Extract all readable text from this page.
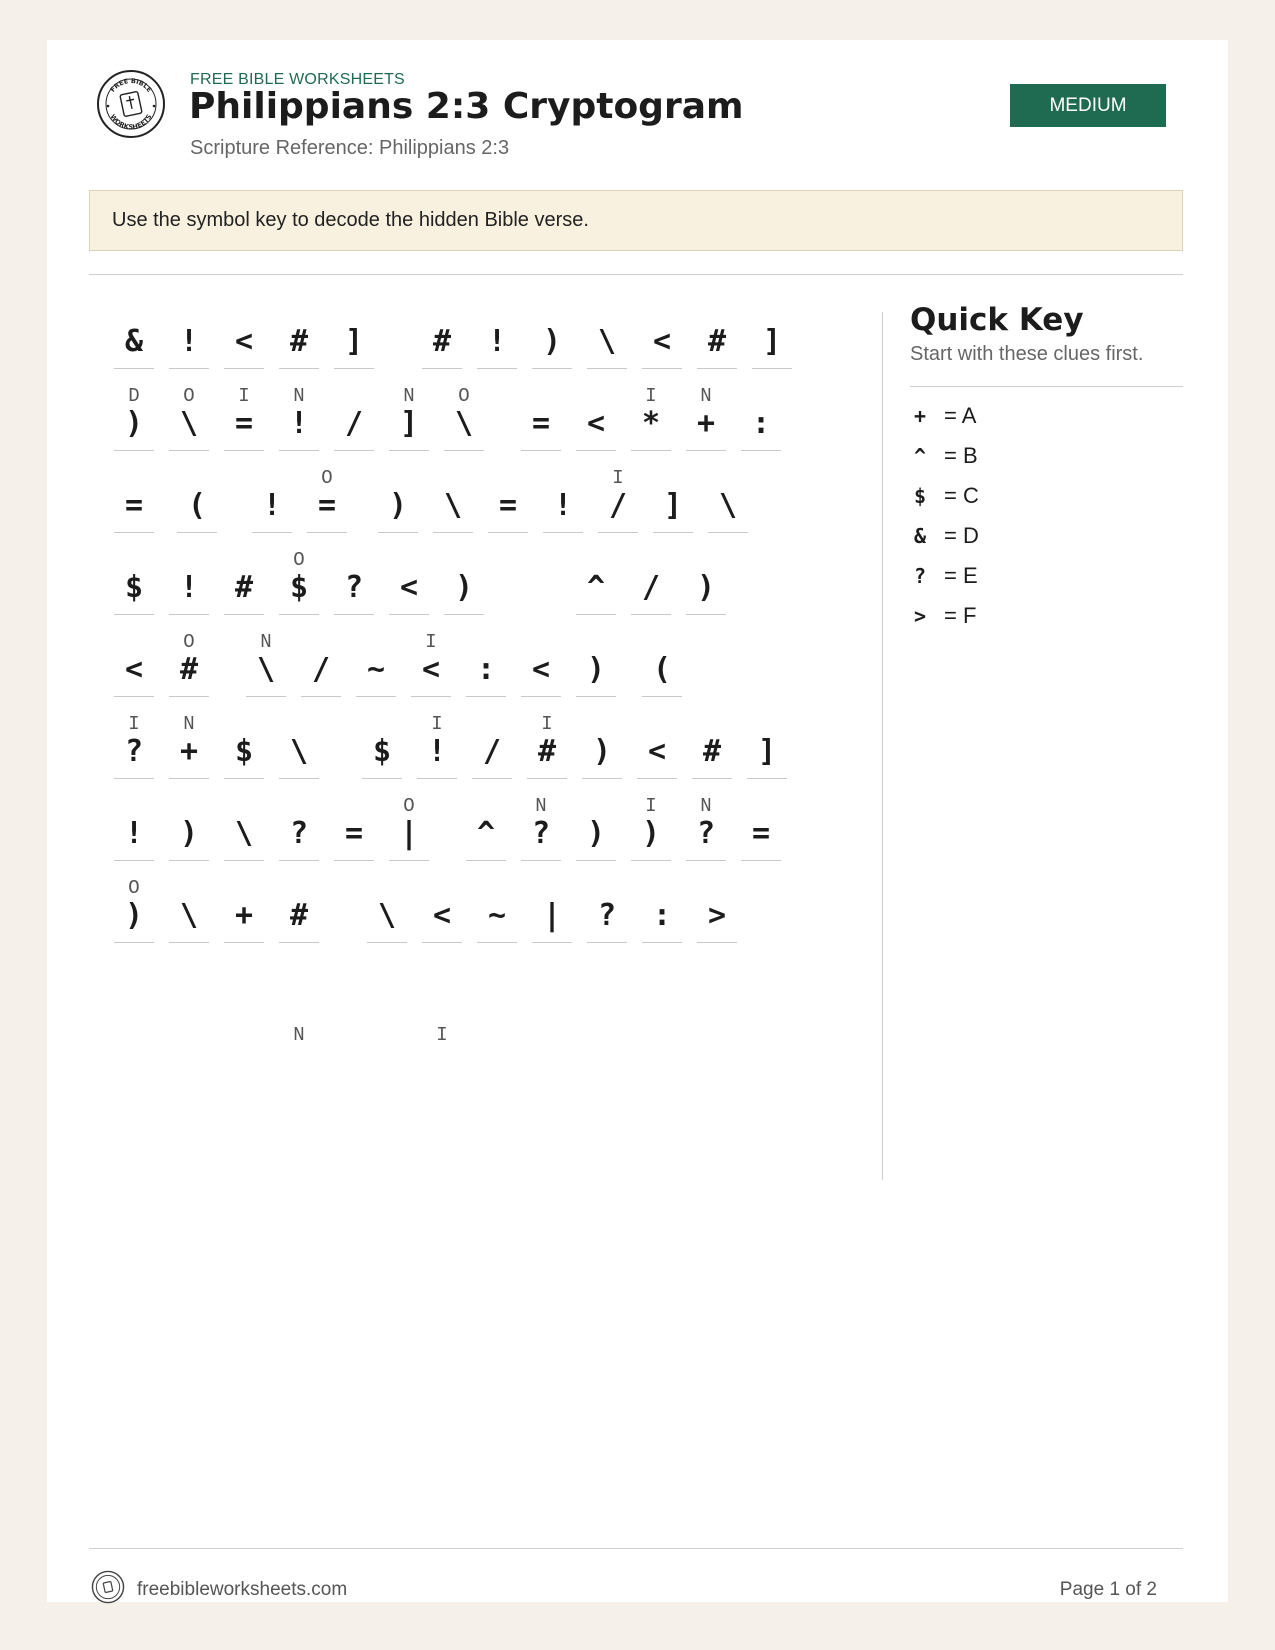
FREE BIBLE
WORKSHEETS
FREE BIBLE WORKSHEETS
Philippians 2:3 Cryptogram
Scripture Reference: Philippians 2:3
MEDIUM
Use the symbol key to decode the hidden Bible verse.
&	!	<	#	]	#	!	)	\	<	#	]
D
)
O
\
I
=
N
!	/
N
]
O
\	=	<
I
*
N
+	:
=	(	!
O
=	)	\	=	!
I
/	]	\
$	!	#
O
$	?	<	)	^	/	)
<
O
#
N
\	/	~
I
<	:	<	)	(
I
?
N
+	$	\	$
I
!	/
I
#	)	<	#	]
!	)	\	?	=
O
|	^
N
?	)
I
)
N
?	=
O
)	\	+	#	\	<	~	|	?	:	>
N	I
Quick Key
Start with these clues first.
+ = A
^ = B
$ = C
& = D
? = E
> = F
freebibleworksheets.com	Page 1 of 2
